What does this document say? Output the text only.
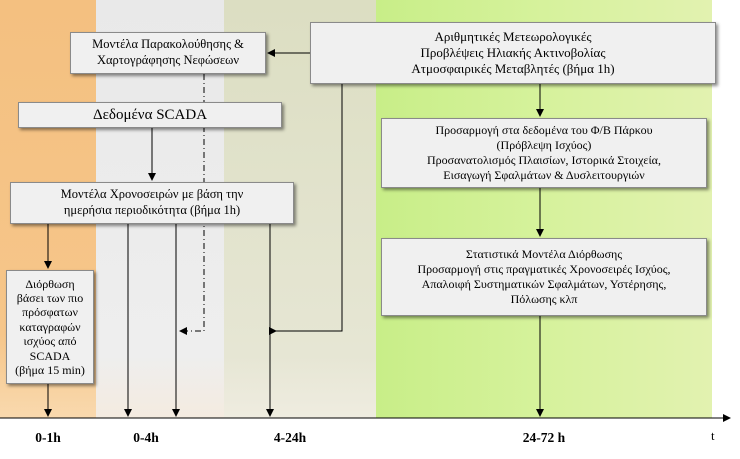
Μοντέλα Παρακολούθησης &
Χαρτογράφησης Νεφώσεων
Δεδομένα SCADA
Αριθμητικές Μετεωρολογικές
Προβλέψεις Ηλιακής Ακτινοβολίας
Ατμοσφαιρικές Μεταβλητές (βήμα 1h)
Μοντέλα Χρονοσειρών με βάση την
ημερήσια περιοδικότητα (βήμα 1h)
Διόρθωση
βάσει των πιο
πρόσφατων
καταγραφών
ισχύος από
SCADA
(βήμα 15 min)
Προσαρμογή στα δεδομένα του Φ/Β Πάρκου
(Πρόβλεψη Ισχύος)
Προσανατολισμός Πλαισίων, Ιστορικά Στοιχεία,
Εισαγωγή Σφαλμάτων & Δυσλειτουργιών
Στατιστικά Μοντέλα Διόρθωσης
Προσαρμογή στις πραγματικές Χρονοσειρές Ισχύος,
Απαλοιφή Συστηματικών Σφαλμάτων, Υστέρησης,
Πόλωσης κλπ
0-1h	0-4h	4-24h	24-72 h	t
